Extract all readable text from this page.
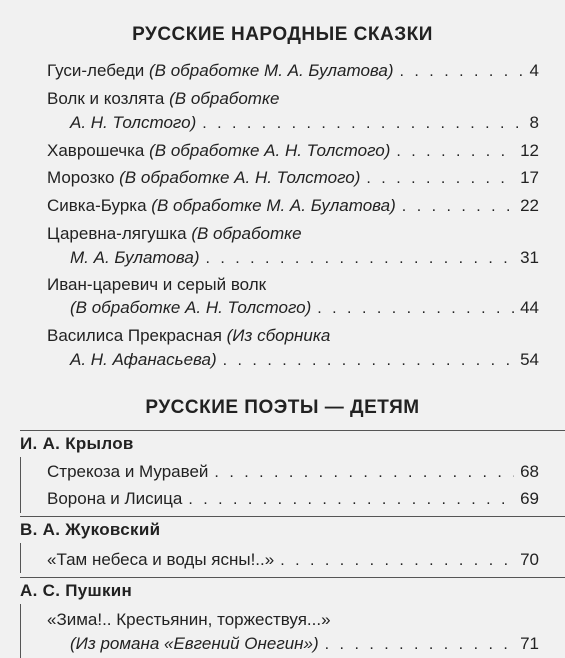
РУССКИЕ НАРОДНЫЕ СКАЗКИ
Гуси-лебеди
(В обработке М. А. Булатова) . . .	4
Волк и козлята
(В обработке
А. Н. Толстого) . . .	8
Хаврошечка
(В обработке А. Н. Толстого) . . .	12
Морозко
(В обработке А. Н. Толстого) . . .	17
Сивка-Бурка
(В обработке М. А. Булатова) . . .	22
Царевна-лягушка
(В обработке
М. А. Булатова) . . .	31
Иван-царевич и серый волк
(В обработке А. Н. Толстого) . . .	44
Василиса Прекрасная
(Из сборника
А. Н. Афанасьева) . . .	54
РУССКИЕ ПОЭТЫ — ДЕТЯМ
И. А. Крылов
Стрекоза и Муравей . . .	68
Ворона и Лисица . . .	69
В. А. Жуковский
«Там небеса и воды ясны!..» . . .	70
А. С. Пушкин
«Зима!.. Крестьянин, торжествуя...»
(Из романа «Евгений Онегин») . . .	71
